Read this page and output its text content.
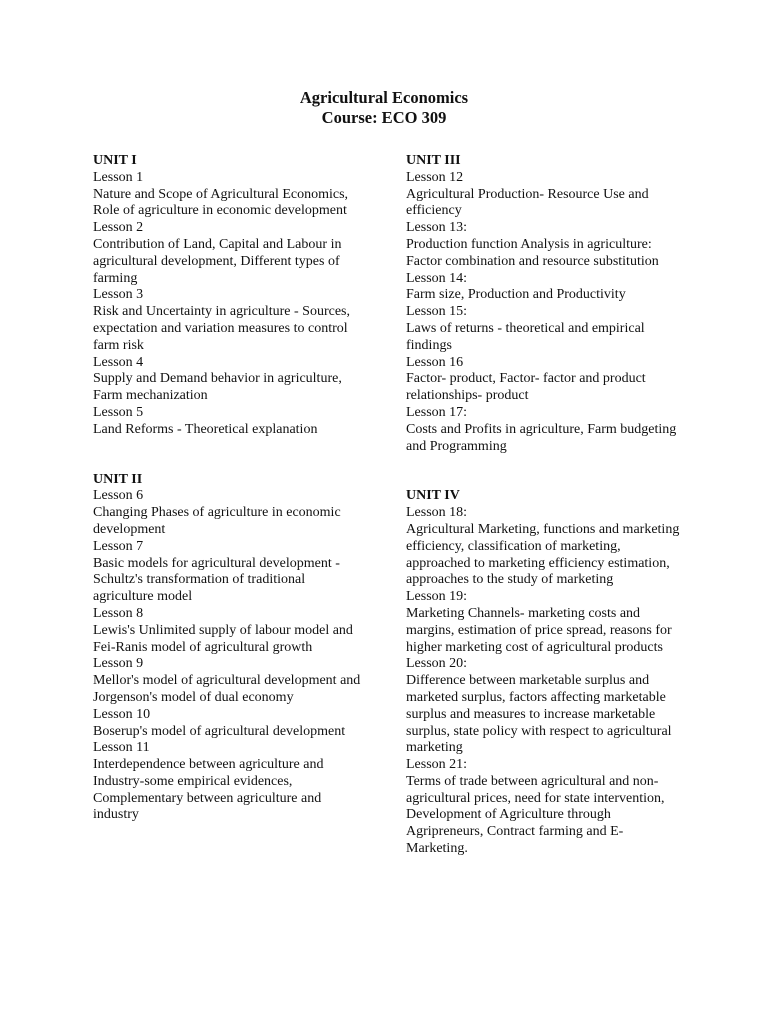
Agricultural Economics
Course: ECO 309

UNIT I

Lesson 1

Nature and Scope of Agricultural Economics, Role of agriculture in economic development

Lesson 2

Contribution of Land, Capital and Labour in agricultural development, Different types of farming

Lesson 3

Risk and Uncertainty in agriculture - Sources, expectation and variation measures to control farm risk

Lesson 4

Supply and Demand behavior in agriculture, Farm mechanization

Lesson 5

Land Reforms - Theoretical explanation

UNIT II

Lesson 6

Changing Phases of agriculture in economic development

Lesson 7

Basic models for agricultural development - Schultz's transformation of traditional agriculture model

Lesson 8

Lewis's Unlimited supply of labour model and Fei-Ranis model of agricultural growth

Lesson 9

Mellor's model of agricultural development and Jorgenson's model of dual economy

Lesson 10

Boserup's model of agricultural development

Lesson 11

Interdependence between agriculture and Industry-some empirical evidences, Complementary between agriculture and industry

UNIT III

Lesson 12

Agricultural Production- Resource Use and efficiency

Lesson 13:

Production function Analysis in agriculture: Factor combination and resource substitution

Lesson 14:

Farm size, Production and Productivity

Lesson 15:

Laws of returns - theoretical and empirical findings

Lesson 16

Factor- product, Factor- factor and product relationships- product

Lesson 17:

Costs and Profits in agriculture, Farm budgeting and Programming

UNIT IV

Lesson 18:

Agricultural Marketing, functions and marketing efficiency, classification of marketing, approached to marketing efficiency estimation, approaches to the study of marketing

Lesson 19:

Marketing Channels- marketing costs and margins, estimation of price spread, reasons for higher marketing cost of agricultural products

Lesson 20:

Difference between marketable surplus and marketed surplus, factors affecting marketable surplus and measures to increase marketable surplus, state policy with respect to agricultural marketing

Lesson 21:

Terms of trade between agricultural and non-agricultural prices, need for state intervention, Development of Agriculture through Agripreneurs, Contract farming and E-Marketing.
